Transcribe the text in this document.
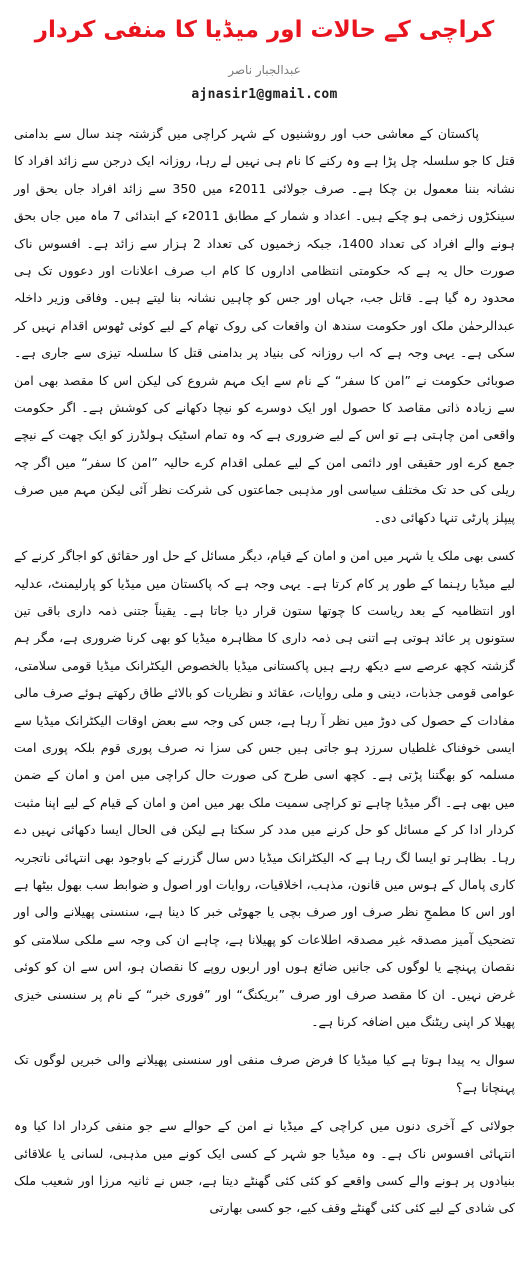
کراچی کے حالات اور میڈیا کا منفی کردار
عبدالجبار ناصر
ajnasir1@gmail.com

پاکستان کے معاشی حب اور روشنیوں کے شہر کراچی میں گزشتہ چند سال سے بدامنی قتل کا جو سلسلہ چل پڑا ہے وہ رکنے کا نام ہی نہیں لے رہا، روزانہ ایک درجن سے زائد افراد کا نشانہ بننا معمول بن چکا ہے۔ صرف جولائی 2011ء میں 350 سے زائد افراد جاں بحق اور سینکڑوں زخمی ہو چکے ہیں۔ اعداد و شمار کے مطابق 2011ء کے ابتدائی 7 ماہ میں جاں بحق ہونے والے افراد کی تعداد 1400، جبکہ زخمیوں کی تعداد 2 ہزار سے زائد ہے۔ افسوس ناک صورت حال یہ ہے کہ حکومتی انتظامی اداروں کا کام اب صرف اعلانات اور دعووں تک ہی محدود رہ گیا ہے۔ قاتل جب، جہاں اور جس کو چاہیں نشانہ بنا لیتے ہیں۔ وفاقی وزیر داخلہ عبدالرحمٰن ملک اور حکومت سندھ ان واقعات کی روک تھام کے لیے کوئی ٹھوس اقدام نہیں کر سکی ہے۔ یہی وجہ ہے کہ اب روزانہ کی بنیاد پر بدامنی قتل کا سلسلہ تیزی سے جاری ہے۔ صوبائی حکومت نے ”امن کا سفر“ کے نام سے ایک مہم شروع کی لیکن اس کا مقصد بھی امن سے زیادہ ذاتی مقاصد کا حصول اور ایک دوسرے کو نیچا دکھانے کی کوشش ہے۔ اگر حکومت واقعی امن چاہتی ہے تو اس کے لیے ضروری ہے کہ وہ تمام اسٹیک ہولڈرز کو ایک چھت کے نیچے جمع کرے اور حقیقی اور دائمی امن کے لیے عملی اقدام کرے حالیہ ”امن کا سفر“ میں اگر چہ ریلی کی حد تک مختلف سیاسی اور مذہبی جماعتوں کی شرکت نظر آئی لیکن مہم میں صرف پیپلز پارٹی تنہا دکھائی دی۔

کسی بھی ملک یا شہر میں امن و امان کے قیام، دیگر مسائل کے حل اور حقائق کو اجاگر کرنے کے لیے میڈیا رہنما کے طور پر کام کرتا ہے۔ یہی وجہ ہے کہ پاکستان میں میڈیا کو پارلیمنٹ، عدلیہ اور انتظامیہ کے بعد ریاست کا چوتھا ستون قرار دیا جاتا ہے۔ یقیناً جتنی ذمہ داری باقی تین ستونوں پر عائد ہوتی ہے اتنی ہی ذمہ داری کا مظاہرہ میڈیا کو بھی کرنا ضروری ہے، مگر ہم گزشتہ کچھ عرصے سے دیکھ رہے ہیں پاکستانی میڈیا بالخصوص الیکٹرانک میڈیا قومی سلامتی، عوامی قومی جذبات، دینی و ملی روایات، عقائد و نظریات کو بالائے طاق رکھتے ہوئے صرف مالی مفادات کے حصول کی دوڑ میں نظر آ رہا ہے، جس کی وجہ سے بعض اوقات الیکٹرانک میڈیا سے ایسی خوفناک غلطیاں سرزد ہو جاتی ہیں جس کی سزا نہ صرف پوری قوم بلکہ پوری امت مسلمہ کو بھگتنا پڑتی ہے۔ کچھ اسی طرح کی صورت حال کراچی میں امن و امان کے ضمن میں بھی ہے۔ اگر میڈیا چاہے تو کراچی سمیت ملک بھر میں امن و امان کے قیام کے لیے اپنا مثبت کردار ادا کر کے مسائل کو حل کرنے میں مدد کر سکتا ہے لیکن فی الحال ایسا دکھائی نہیں دے رہا۔ بظاہر تو ایسا لگ رہا ہے کہ الیکٹرانک میڈیا دس سال گزرنے کے باوجود بھی انتہائی ناتجربہ کاری پامال کے ہوس میں قانون، مذہب، اخلاقیات، روایات اور اصول و ضوابط سب بھول بیٹھا ہے اور اس کا مطمحِ نظر صرف اور صرف بچی یا جھوٹی خبر کا دینا ہے، سنسنی پھیلانے والی اور تضحیک آمیز مصدقہ غیر مصدقہ اطلاعات کو پھیلانا ہے، چاہے ان کی وجہ سے ملکی سلامتی کو نقصان پہنچے یا لوگوں کی جانیں ضائع ہوں اور اربوں روپے کا نقصان ہو، اس سے ان کو کوئی غرض نہیں۔ ان کا مقصد صرف اور صرف ”بریکنگ“ اور ”فوری خبر“ کے نام پر سنسنی خیزی پھیلا کر اپنی ریٹنگ میں اضافہ کرنا ہے۔

سوال یہ پیدا ہوتا ہے کیا میڈیا کا فرض صرف منفی اور سنسنی پھیلانے والی خبریں لوگوں تک پہنچانا ہے؟

جولائی کے آخری دنوں میں کراچی کے میڈیا نے امن کے حوالے سے جو منفی کردار ادا کیا وہ انتہائی افسوس ناک ہے۔ وہ میڈیا جو شہر کے کسی ایک کونے میں مذہبی، لسانی یا علاقائی بنیادوں پر ہونے والے کسی واقعے کو کئی کئی گھنٹے دیتا ہے، جس نے ثانیہ مرزا اور شعیب ملک کی شادی کے لیے کئی کئی گھنٹے وقف کیے، جو کسی بھارتی
